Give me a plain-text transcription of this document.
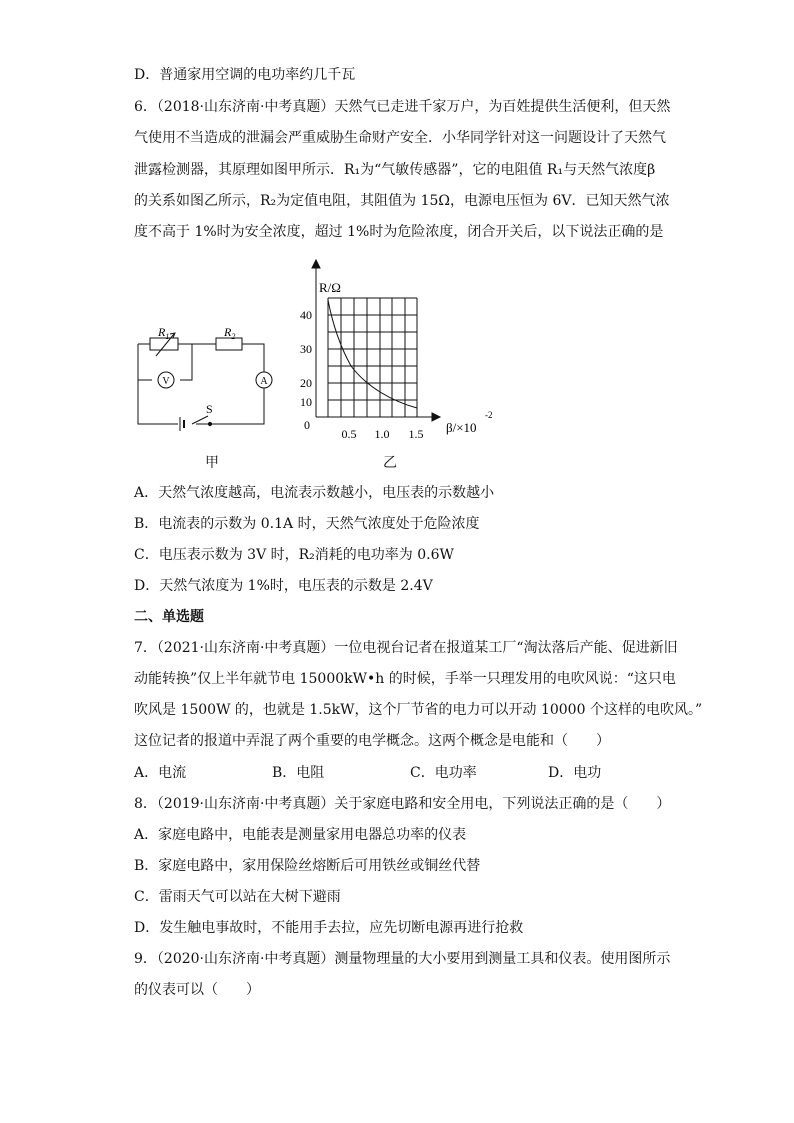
D．普通家用空调的电功率约几千瓦
6．（2018·山东济南·中考真题）天然气已走进千家万户，为百姓提供生活便利，但天然
气使用不当造成的泄漏会严重威胁生命财产安全．小华同学针对这一问题设计了天然气
泄露检测器，其原理如图甲所示．R₁为“气敏传感器”，它的电阻值 R₁与天然气浓度β
的关系如图乙所示，R₂为定值电阻，其阻值为 15Ω，电源电压恒为 6V．已知天然气浓
度不高于 1%时为安全浓度，超过 1%时为危险浓度，闭合开关后，以下说法正确的是
$R_1$	$R_2$
V	A
S
R/Ω
40
30
20
10
0
0.5 1.0 1.5 β/×10
-2
甲	乙
A．天然气浓度越高，电流表示数越小，电压表的示数越小
B．电流表的示数为 0.1A 时，天然气浓度处于危险浓度
C．电压表示数为 3V 时，R₂消耗的电功率为 0.6W
D．天然气浓度为 1%时，电压表的示数是 2.4V
二、单选题
7．（2021·山东济南·中考真题）一位电视台记者在报道某工厂“淘汰落后产能、促进新旧
动能转换”仅上半年就节电 15000kW•h 的时候，手举一只理发用的电吹风说：“这只电
吹风是 1500W 的，也就是 1.5kW，这个厂节省的电力可以开动 10000 个这样的电吹风。”
这位记者的报道中弄混了两个重要的电学概念。这两个概念是电能和（　　）
A．电流	B．电阻	C．电功率	D．电功
8．（2019·山东济南·中考真题）关于家庭电路和安全用电，下列说法正确的是（　　）
A．家庭电路中，电能表是测量家用电器总功率的仪表
B．家庭电路中，家用保险丝熔断后可用铁丝或铜丝代替
C．雷雨天气可以站在大树下避雨
D．发生触电事故时，不能用手去拉，应先切断电源再进行抢救
9．（2020·山东济南·中考真题）测量物理量的大小要用到测量工具和仪表。使用图所示
的仪表可以（　　）
